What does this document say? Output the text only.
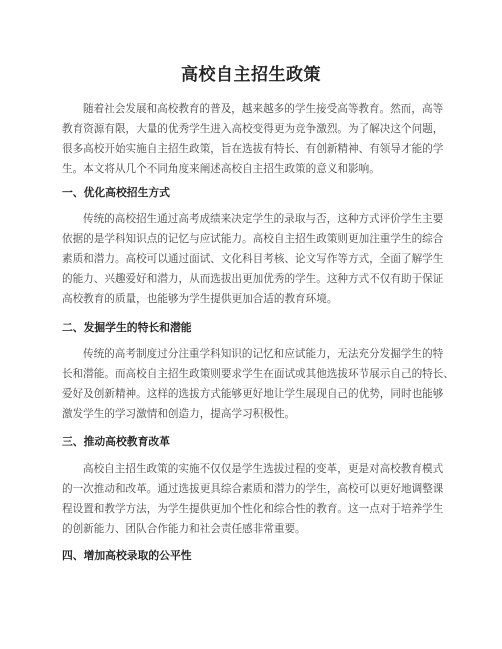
高校自主招生政策
随着社会发展和高校教育的普及，越来越多的学生接受高等教育。然而，高等
教育资源有限，大量的优秀学生进入高校变得更为竞争激烈。为了解决这个问题，
很多高校开始实施自主招生政策，旨在选拔有特长、有创新精神、有领导才能的学
生。本文将从几个不同角度来阐述高校自主招生政策的意义和影响。
一、优化高校招生方式
传统的高校招生通过高考成绩来决定学生的录取与否，这种方式评价学生主要
依据的是学科知识点的记忆与应试能力。高校自主招生政策则更加注重学生的综合
素质和潜力。高校可以通过面试、文化科目考核、论文写作等方式，全面了解学生
的能力、兴趣爱好和潜力，从而选拔出更加优秀的学生。这种方式不仅有助于保证
高校教育的质量，也能够为学生提供更加合适的教育环境。
二、发掘学生的特长和潜能
传统的高考制度过分注重学科知识的记忆和应试能力，无法充分发掘学生的特
长和潜能。而高校自主招生政策则要求学生在面试或其他选拔环节展示自己的特长、
爱好及创新精神。这样的选拔方式能够更好地让学生展现自己的优势，同时也能够
激发学生的学习激情和创造力，提高学习积极性。
三、推动高校教育改革
高校自主招生政策的实施不仅仅是学生选拔过程的变革，更是对高校教育模式
的一次推动和改革。通过选拔更具综合素质和潜力的学生，高校可以更好地调整课
程设置和教学方法，为学生提供更加个性化和综合性的教育。这一点对于培养学生
的创新能力、团队合作能力和社会责任感非常重要。
四、增加高校录取的公平性
